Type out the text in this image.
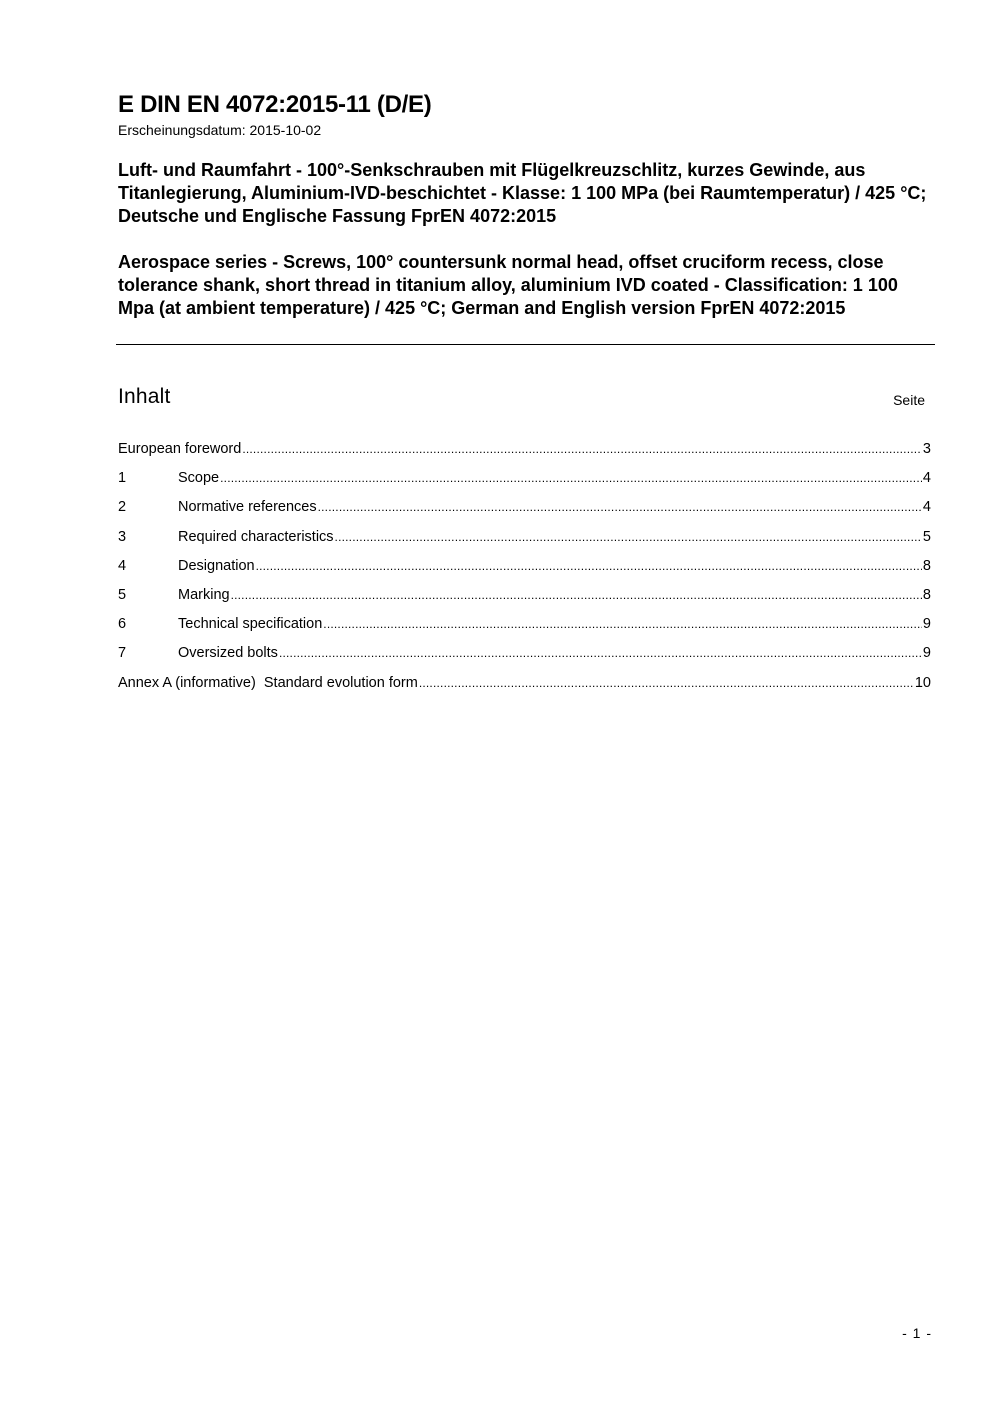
E DIN EN 4072:2015-11 (D/E)
Erscheinungsdatum: 2015-10-02
Luft- und Raumfahrt - 100°-Senkschrauben mit Flügelkreuzschlitz, kurzes Gewinde, aus Titanlegierung, Aluminium-IVD-beschichtet - Klasse: 1 100 MPa (bei Raumtemperatur) / 425 °C; Deutsche und Englische Fassung FprEN 4072:2015
Aerospace series - Screws, 100° countersunk normal head, offset cruciform recess, close tolerance shank, short thread in titanium alloy, aluminium IVD coated - Classification: 1 100 Mpa (at ambient temperature) / 425 °C; German and English version FprEN 4072:2015
Inhalt	Seite
European foreword .....	3
1	Scope .....	4
2	Normative references .....	4
3	Required characteristics .....	5
4	Designation .....	8
5	Marking .....	8
6	Technical specification .....	9
7	Oversized bolts .....	9
Annex A (informative)  Standard evolution form .....	10
- 1 -
